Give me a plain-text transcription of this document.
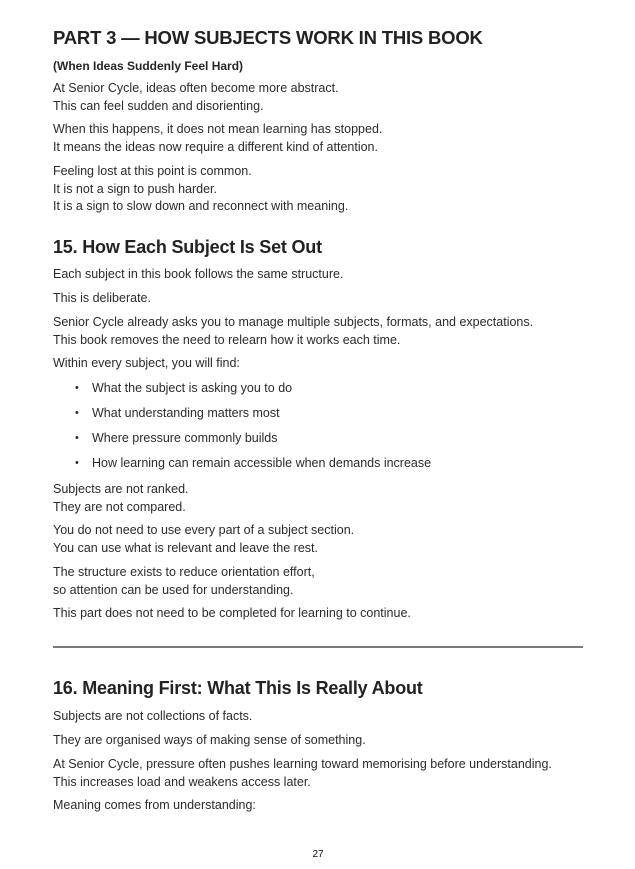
PART 3 — HOW SUBJECTS WORK IN THIS BOOK
(When Ideas Suddenly Feel Hard)
At Senior Cycle, ideas often become more abstract.
This can feel sudden and disorienting.
When this happens, it does not mean learning has stopped.
It means the ideas now require a different kind of attention.
Feeling lost at this point is common.
It is not a sign to push harder.
It is a sign to slow down and reconnect with meaning.
15. How Each Subject Is Set Out
Each subject in this book follows the same structure.
This is deliberate.
Senior Cycle already asks you to manage multiple subjects, formats, and expectations.
This book removes the need to relearn how it works each time.
Within every subject, you will find:
• What the subject is asking you to do
• What understanding matters most
• Where pressure commonly builds
• How learning can remain accessible when demands increase
Subjects are not ranked.
They are not compared.
You do not need to use every part of a subject section.
You can use what is relevant and leave the rest.
The structure exists to reduce orientation effort,
so attention can be used for understanding.
This part does not need to be completed for learning to continue.
16. Meaning First: What This Is Really About
Subjects are not collections of facts.
They are organised ways of making sense of something.
At Senior Cycle, pressure often pushes learning toward memorising before understanding.
This increases load and weakens access later.
Meaning comes from understanding:
27
